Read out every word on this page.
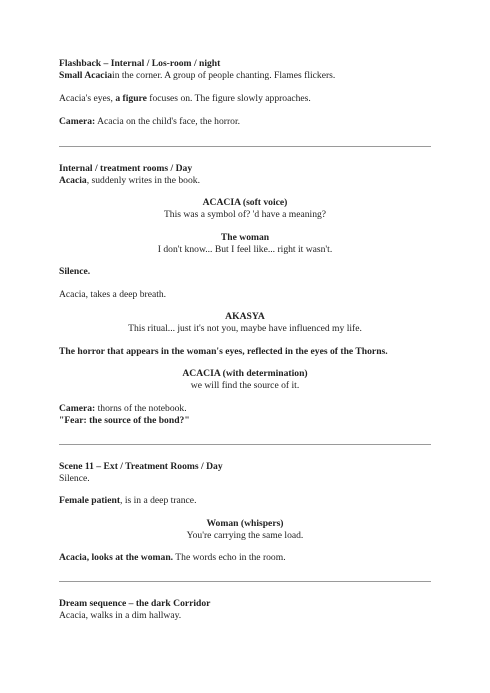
Flashback – Internal / Los-room / night
Small Acaciain the corner. A group of people chanting. Flames flickers.
Acacia's eyes, a figure focuses on. The figure slowly approaches.
Camera: Acacia on the child's face, the horror.
Internal / treatment rooms / Day
Acacia, suddenly writes in the book.
ACACIA (soft voice)
This was a symbol of? 'd have a meaning?
The woman
I don't know... But I feel like... right it wasn't.
Silence.
Acacia, takes a deep breath.
AKASYA
This ritual... just it's not you, maybe have influenced my life.
The horror that appears in the woman's eyes, reflected in the eyes of the Thorns.
ACACIA (with determination)
we will find the source of it.
Camera: thorns of the notebook.
"Fear: the source of the bond?"
Scene 11 – Ext / Treatment Rooms / Day
Silence.
Female patient, is in a deep trance.
Woman (whispers)
You're carrying the same load.
Acacia, looks at the woman. The words echo in the room.
Dream sequence – the dark Corridor
Acacia, walks in a dim hallway.
